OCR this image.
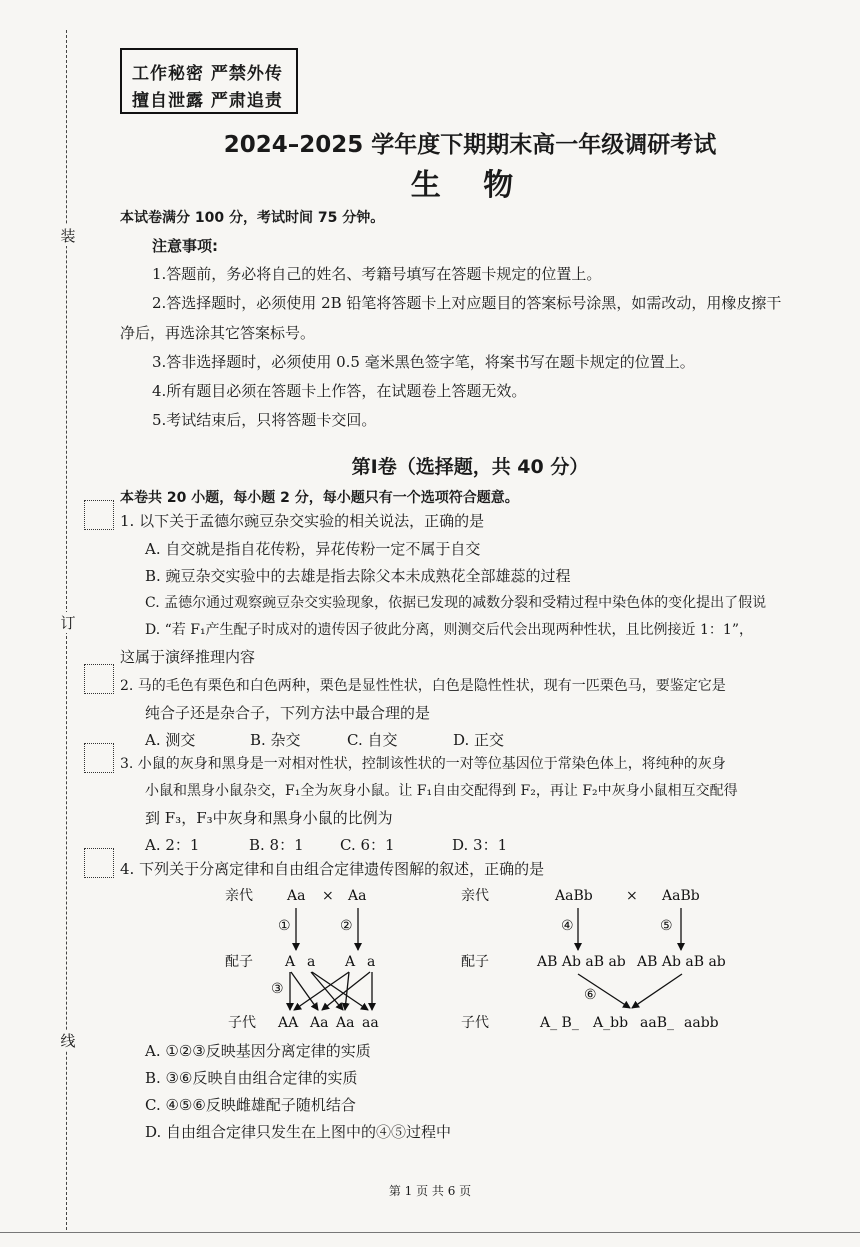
装
订
线
工作秘密 严禁外传
擅自泄露 严肃追责
2024–2025 学年度下期期末高一年级调研考试
生 物
本试卷满分 100 分，考试时间 75 分钟。
注意事项:
1.答题前，务必将自己的姓名、考籍号填写在答题卡规定的位置上。
2.答选择题时，必须使用 2B 铅笔将答题卡上对应题目的答案标号涂黑，如需改动，用橡皮擦干
净后，再选涂其它答案标号。
3.答非选择题时，必须使用 0.5 毫米黑色签字笔，将案书写在题卡规定的位置上。
4.所有题目必须在答题卡上作答，在试题卷上答题无效。
5.考试结束后，只将答题卡交回。
第Ⅰ卷（选择题，共 40 分）
本卷共 20 小题，每小题 2 分，每小题只有一个选项符合题意。
1. 以下关于孟德尔豌豆杂交实验的相关说法，正确的是
A. 自交就是指自花传粉，异花传粉一定不属于自交
B. 豌豆杂交实验中的去雄是指去除父本未成熟花全部雄蕊的过程
C. 孟德尔通过观察豌豆杂交实验现象，依据已发现的减数分裂和受精过程中染色体的变化提出了假说
D. “若 F₁产生配子时成对的遗传因子彼此分离，则测交后代会出现两种性状，且比例接近 1：1”，
这属于演绎推理内容
2. 马的毛色有栗色和白色两种，栗色是显性性状，白色是隐性性状，现有一匹栗色马，要鉴定它是
纯合子还是杂合子，下列方法中最合理的是
A. 测交	B. 杂交	C. 自交	D. 正交
3. 小鼠的灰身和黑身是一对相对性状，控制该性状的一对等位基因位于常染色体上，将纯种的灰身
小鼠和黑身小鼠杂交，F₁全为灰身小鼠。让 F₁自由交配得到 F₂，再让 F₂中灰身小鼠相互交配得
到 F₃，F₃中灰身和黑身小鼠的比例为
A. 2：1	B. 8：1 C. 6：1	D. 3：1
4. 下列关于分离定律和自由组合定律遗传图解的叙述，正确的是
亲代
配子
子代
亲代
配子
子代
Aa × Aa
①	②
③
A a A a
AA Aa Aa aa
AaBb × AaBb
④	⑤
⑥
AB Ab aB ab AB Ab aB ab
A_ B_ A_bb aaB_ aabb
A. ①②③反映基因分离定律的实质
B. ③⑥反映自由组合定律的实质
C. ④⑤⑥反映雌雄配子随机结合
D. 自由组合定律只发生在上图中的④⑤过程中
第 1 页 共 6 页
